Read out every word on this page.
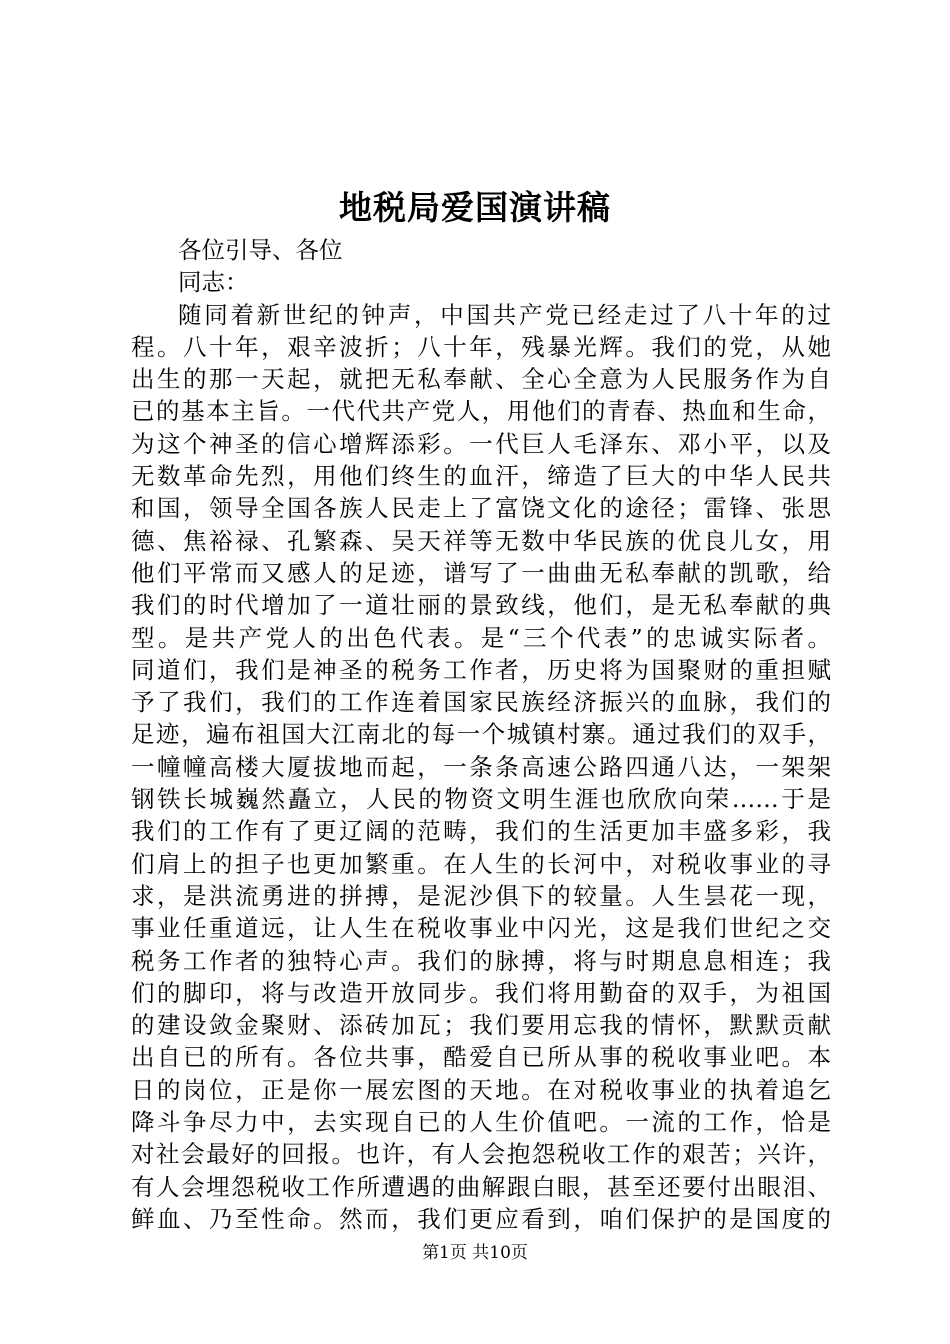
地税局爱国演讲稿
各位引导、各位
同志：
随同着新世纪的钟声，中国共产党已经走过了八十年的过
程。八十年，艰辛波折；八十年，残暴光辉。我们的党，从她
出生的那一天起，就把无私奉献、全心全意为人民服务作为自
已的基本主旨。一代代共产党人，用他们的青春、热血和生命，
为这个神圣的信心增辉添彩。一代巨人毛泽东、邓小平，以及
无数革命先烈，用他们终生的血汗，缔造了巨大的中华人民共
和国，领导全国各族人民走上了富饶文化的途径；雷锋、张思
德、焦裕禄、孔繁森、吴天祥等无数中华民族的优良儿女，用
他们平常而又感人的足迹，谱写了一曲曲无私奉献的凯歌，给
我们的时代增加了一道壮丽的景致线，他们，是无私奉献的典
型。是共产党人的出色代表。是“三个代表”的忠诚实际者。
同道们，我们是神圣的税务工作者，历史将为国聚财的重担赋
予了我们，我们的工作连着国家民族经济振兴的血脉，我们的
足迹，遍布祖国大江南北的每一个城镇村寨。通过我们的双手，
一幢幢高楼大厦拔地而起，一条条高速公路四通八达，一架架
钢铁长城巍然矗立，人民的物资文明生涯也欣欣向荣……于是
我们的工作有了更辽阔的范畴，我们的生活更加丰盛多彩，我
们肩上的担子也更加繁重。在人生的长河中，对税收事业的寻
求，是洪流勇进的拼搏，是泥沙俱下的较量。人生昙花一现，
事业任重道远，让人生在税收事业中闪光，这是我们世纪之交
税务工作者的独特心声。我们的脉搏，将与时期息息相连；我
们的脚印，将与改造开放同步。我们将用勤奋的双手，为祖国
的建设敛金聚财、添砖加瓦；我们要用忘我的情怀，默默贡献
出自已的所有。各位共事，酷爱自已所从事的税收事业吧。本
日的岗位，正是你一展宏图的天地。在对税收事业的执着追乞
降斗争尽力中，去实现自已的人生价值吧。一流的工作，恰是
对社会最好的回报。也许，有人会抱怨税收工作的艰苦；兴许，
有人会埋怨税收工作所遭遇的曲解跟白眼，甚至还要付出眼泪、
鲜血、乃至性命。然而，我们更应看到，咱们保护的是国度的
第1页 共10页
